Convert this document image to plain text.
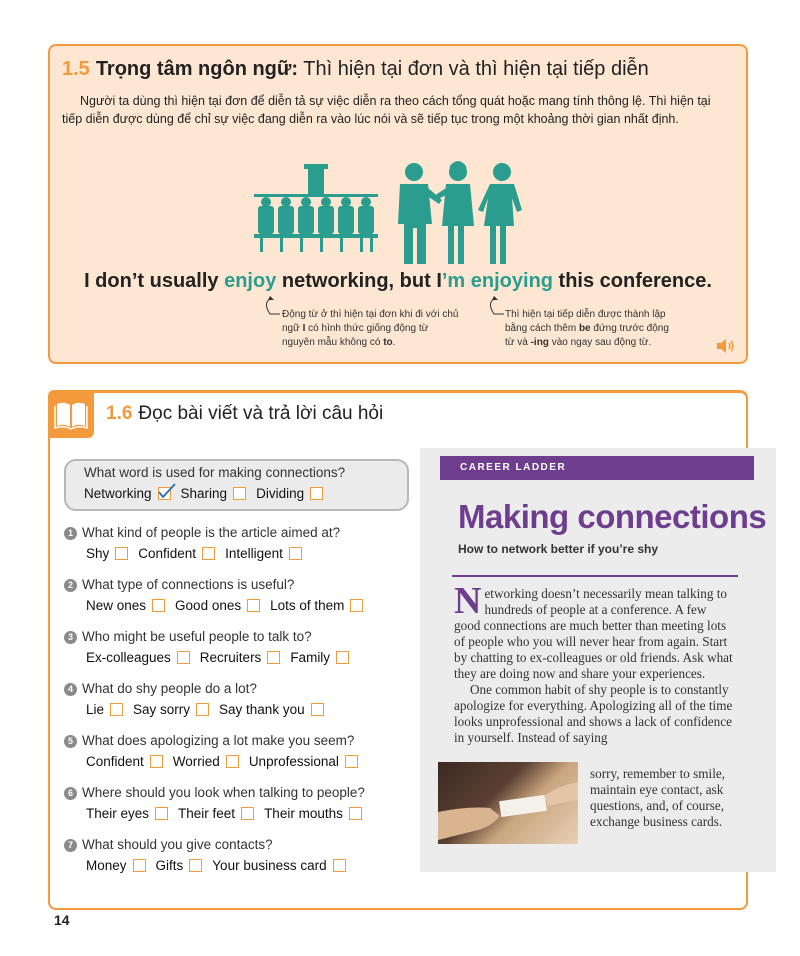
1.5 Trọng tâm ngôn ngữ: Thì hiện tại đơn và thì hiện tại tiếp diễn
Người ta dùng thì hiện tại đơn để diễn tả sự việc diễn ra theo cách tổng quát hoặc mang tính thông lệ. Thì hiện tại tiếp diễn được dùng để chỉ sự việc đang diễn ra vào lúc nói và sẽ tiếp tục trong một khoảng thời gian nhất định.
I don’t usually enjoy networking, but I’m enjoying this conference.
Động từ ở thì hiện tại đơn khi đi với chủ ngữ I có hình thức giống động từ nguyên mẫu không có to.
Thì hiện tại tiếp diễn được thành lập bằng cách thêm be đứng trước động từ và -ing vào ngay sau động từ.
1.6 Đọc bài viết và trả lời câu hỏi
What word is used for making connections?
Networking Sharing Dividing
1 What kind of people is the article aimed at?
Shy Confident Intelligent
2 What type of connections is useful?
New ones Good ones Lots of them
3 Who might be useful people to talk to?
Ex-colleagues Recruiters Family
4 What do shy people do a lot?
Lie Say sorry Say thank you
5 What does apologizing a lot make you seem?
Confident Worried Unprofessional
6 Where should you look when talking to people?
Their eyes Their feet Their mouths
7 What should you give contacts?
Money Gifts Your business card
CAREER LADDER
Making connections
How to network better if you’re shy
Networking doesn’t necessarily mean talking to hundreds of people at a conference. A few good connections are much better than meeting lots of people who you will never hear from again. Start by chatting to ex-colleagues or old friends. Ask what they are doing now and share your experiences.
One common habit of shy people is to constantly apologize for everything. Apologizing all of the time looks unprofessional and shows a lack of confidence in yourself. Instead of saying
sorry, remember to smile, maintain eye contact, ask questions, and, of course, exchange business cards.
14
